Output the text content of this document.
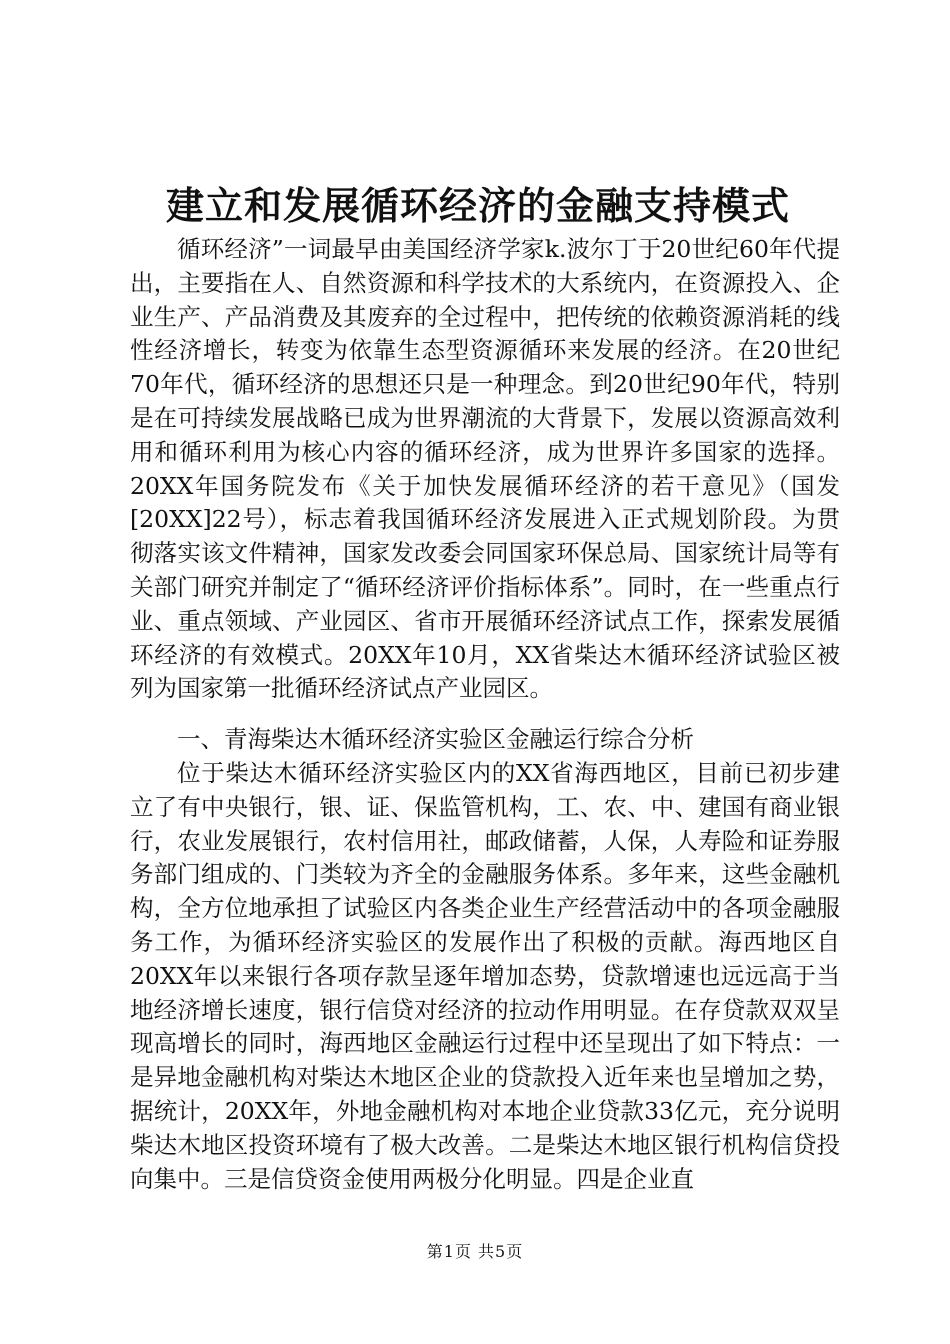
建立和发展循环经济的金融支持模式

循环经济”一词最早由美国经济学家k.波尔丁于20世纪60年代提出，主要指在人、自然资源和科学技术的大系统内，在资源投入、企业生产、产品消费及其废弃的全过程中，把传统的依赖资源消耗的线性经济增长，转变为依靠生态型资源循环来发展的经济。在20世纪70年代，循环经济的思想还只是一种理念。到20世纪90年代，特别是在可持续发展战略已成为世界潮流的大背景下，发展以资源高效利用和循环利用为核心内容的循环经济，成为世界许多国家的选择。20XX年国务院发布《关于加快发展循环经济的若干意见》（国发[20XX]22号），标志着我国循环经济发展进入正式规划阶段。为贯彻落实该文件精神，国家发改委会同国家环保总局、国家统计局等有关部门研究并制定了“循环经济评价指标体系”。同时，在一些重点行业、重点领域、产业园区、省市开展循环经济试点工作，探索发展循环经济的有效模式。20XX年10月，XX省柴达木循环经济试验区被列为国家第一批循环经济试点产业园区。

一、青海柴达木循环经济实验区金融运行综合分析

位于柴达木循环经济实验区内的XX省海西地区，目前已初步建立了有中央银行，银、证、保监管机构，工、农、中、建国有商业银行，农业发展银行，农村信用社，邮政储蓄，人保，人寿险和证券服务部门组成的、门类较为齐全的金融服务体系。多年来，这些金融机构，全方位地承担了试验区内各类企业生产经营活动中的各项金融服务工作，为循环经济实验区的发展作出了积极的贡献。海西地区自20XX年以来银行各项存款呈逐年增加态势，贷款增速也远远高于当地经济增长速度，银行信贷对经济的拉动作用明显。在存贷款双双呈现高增长的同时，海西地区金融运行过程中还呈现出了如下特点：一是异地金融机构对柴达木地区企业的贷款投入近年来也呈增加之势，据统计，20XX年，外地金融机构对本地企业贷款33亿元，充分说明柴达木地区投资环境有了极大改善。二是柴达木地区银行机构信贷投向集中。三是信贷资金使用两极分化明显。四是企业直

第1页 共5页
